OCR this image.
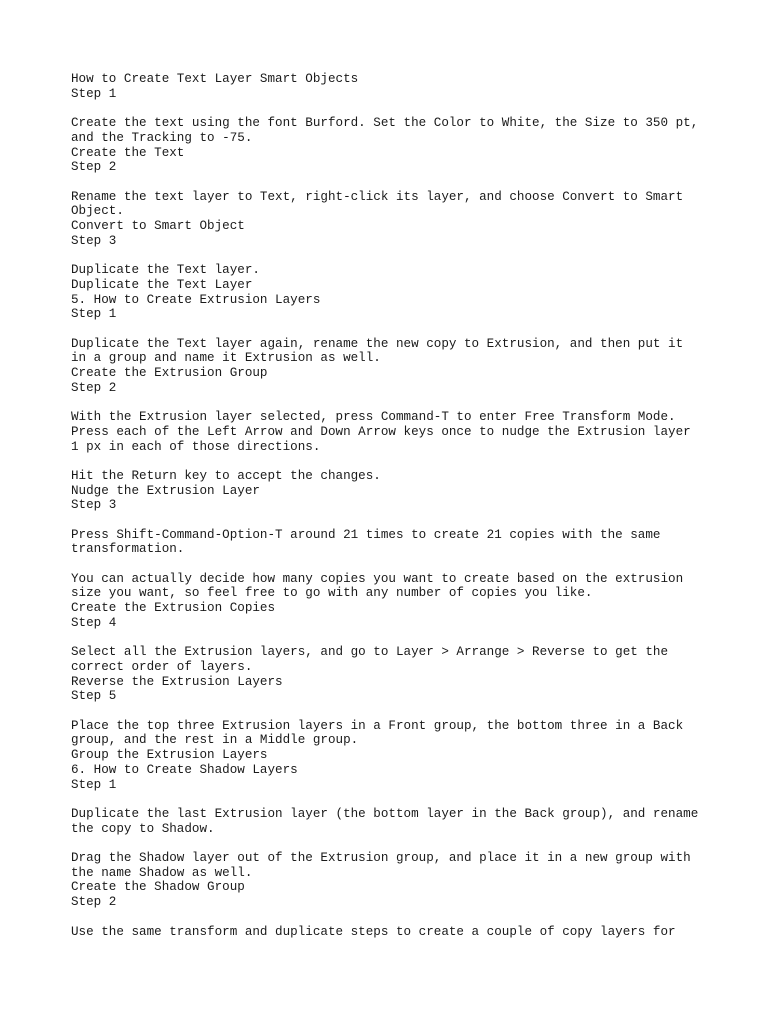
How to Create Text Layer Smart Objects
Step 1
Create the text using the font Burford. Set the Color to White, the Size to 350 pt,
and the Tracking to -75.
Create the Text
Step 2
Rename the text layer to Text, right-click its layer, and choose Convert to Smart
Object.
Convert to Smart Object
Step 3
Duplicate the Text layer.
Duplicate the Text Layer
5. How to Create Extrusion Layers
Step 1
Duplicate the Text layer again, rename the new copy to Extrusion, and then put it
in a group and name it Extrusion as well.
Create the Extrusion Group
Step 2
With the Extrusion layer selected, press Command-T to enter Free Transform Mode.
Press each of the Left Arrow and Down Arrow keys once to nudge the Extrusion layer
1 px in each of those directions.
Hit the Return key to accept the changes.
Nudge the Extrusion Layer
Step 3
Press Shift-Command-Option-T around 21 times to create 21 copies with the same
transformation.
You can actually decide how many copies you want to create based on the extrusion
size you want, so feel free to go with any number of copies you like.
Create the Extrusion Copies
Step 4
Select all the Extrusion layers, and go to Layer > Arrange > Reverse to get the
correct order of layers.
Reverse the Extrusion Layers
Step 5
Place the top three Extrusion layers in a Front group, the bottom three in a Back
group, and the rest in a Middle group.
Group the Extrusion Layers
6. How to Create Shadow Layers
Step 1
Duplicate the last Extrusion layer (the bottom layer in the Back group), and rename
the copy to Shadow.
Drag the Shadow layer out of the Extrusion group, and place it in a new group with
the name Shadow as well.
Create the Shadow Group
Step 2
Use the same transform and duplicate steps to create a couple of copy layers for
